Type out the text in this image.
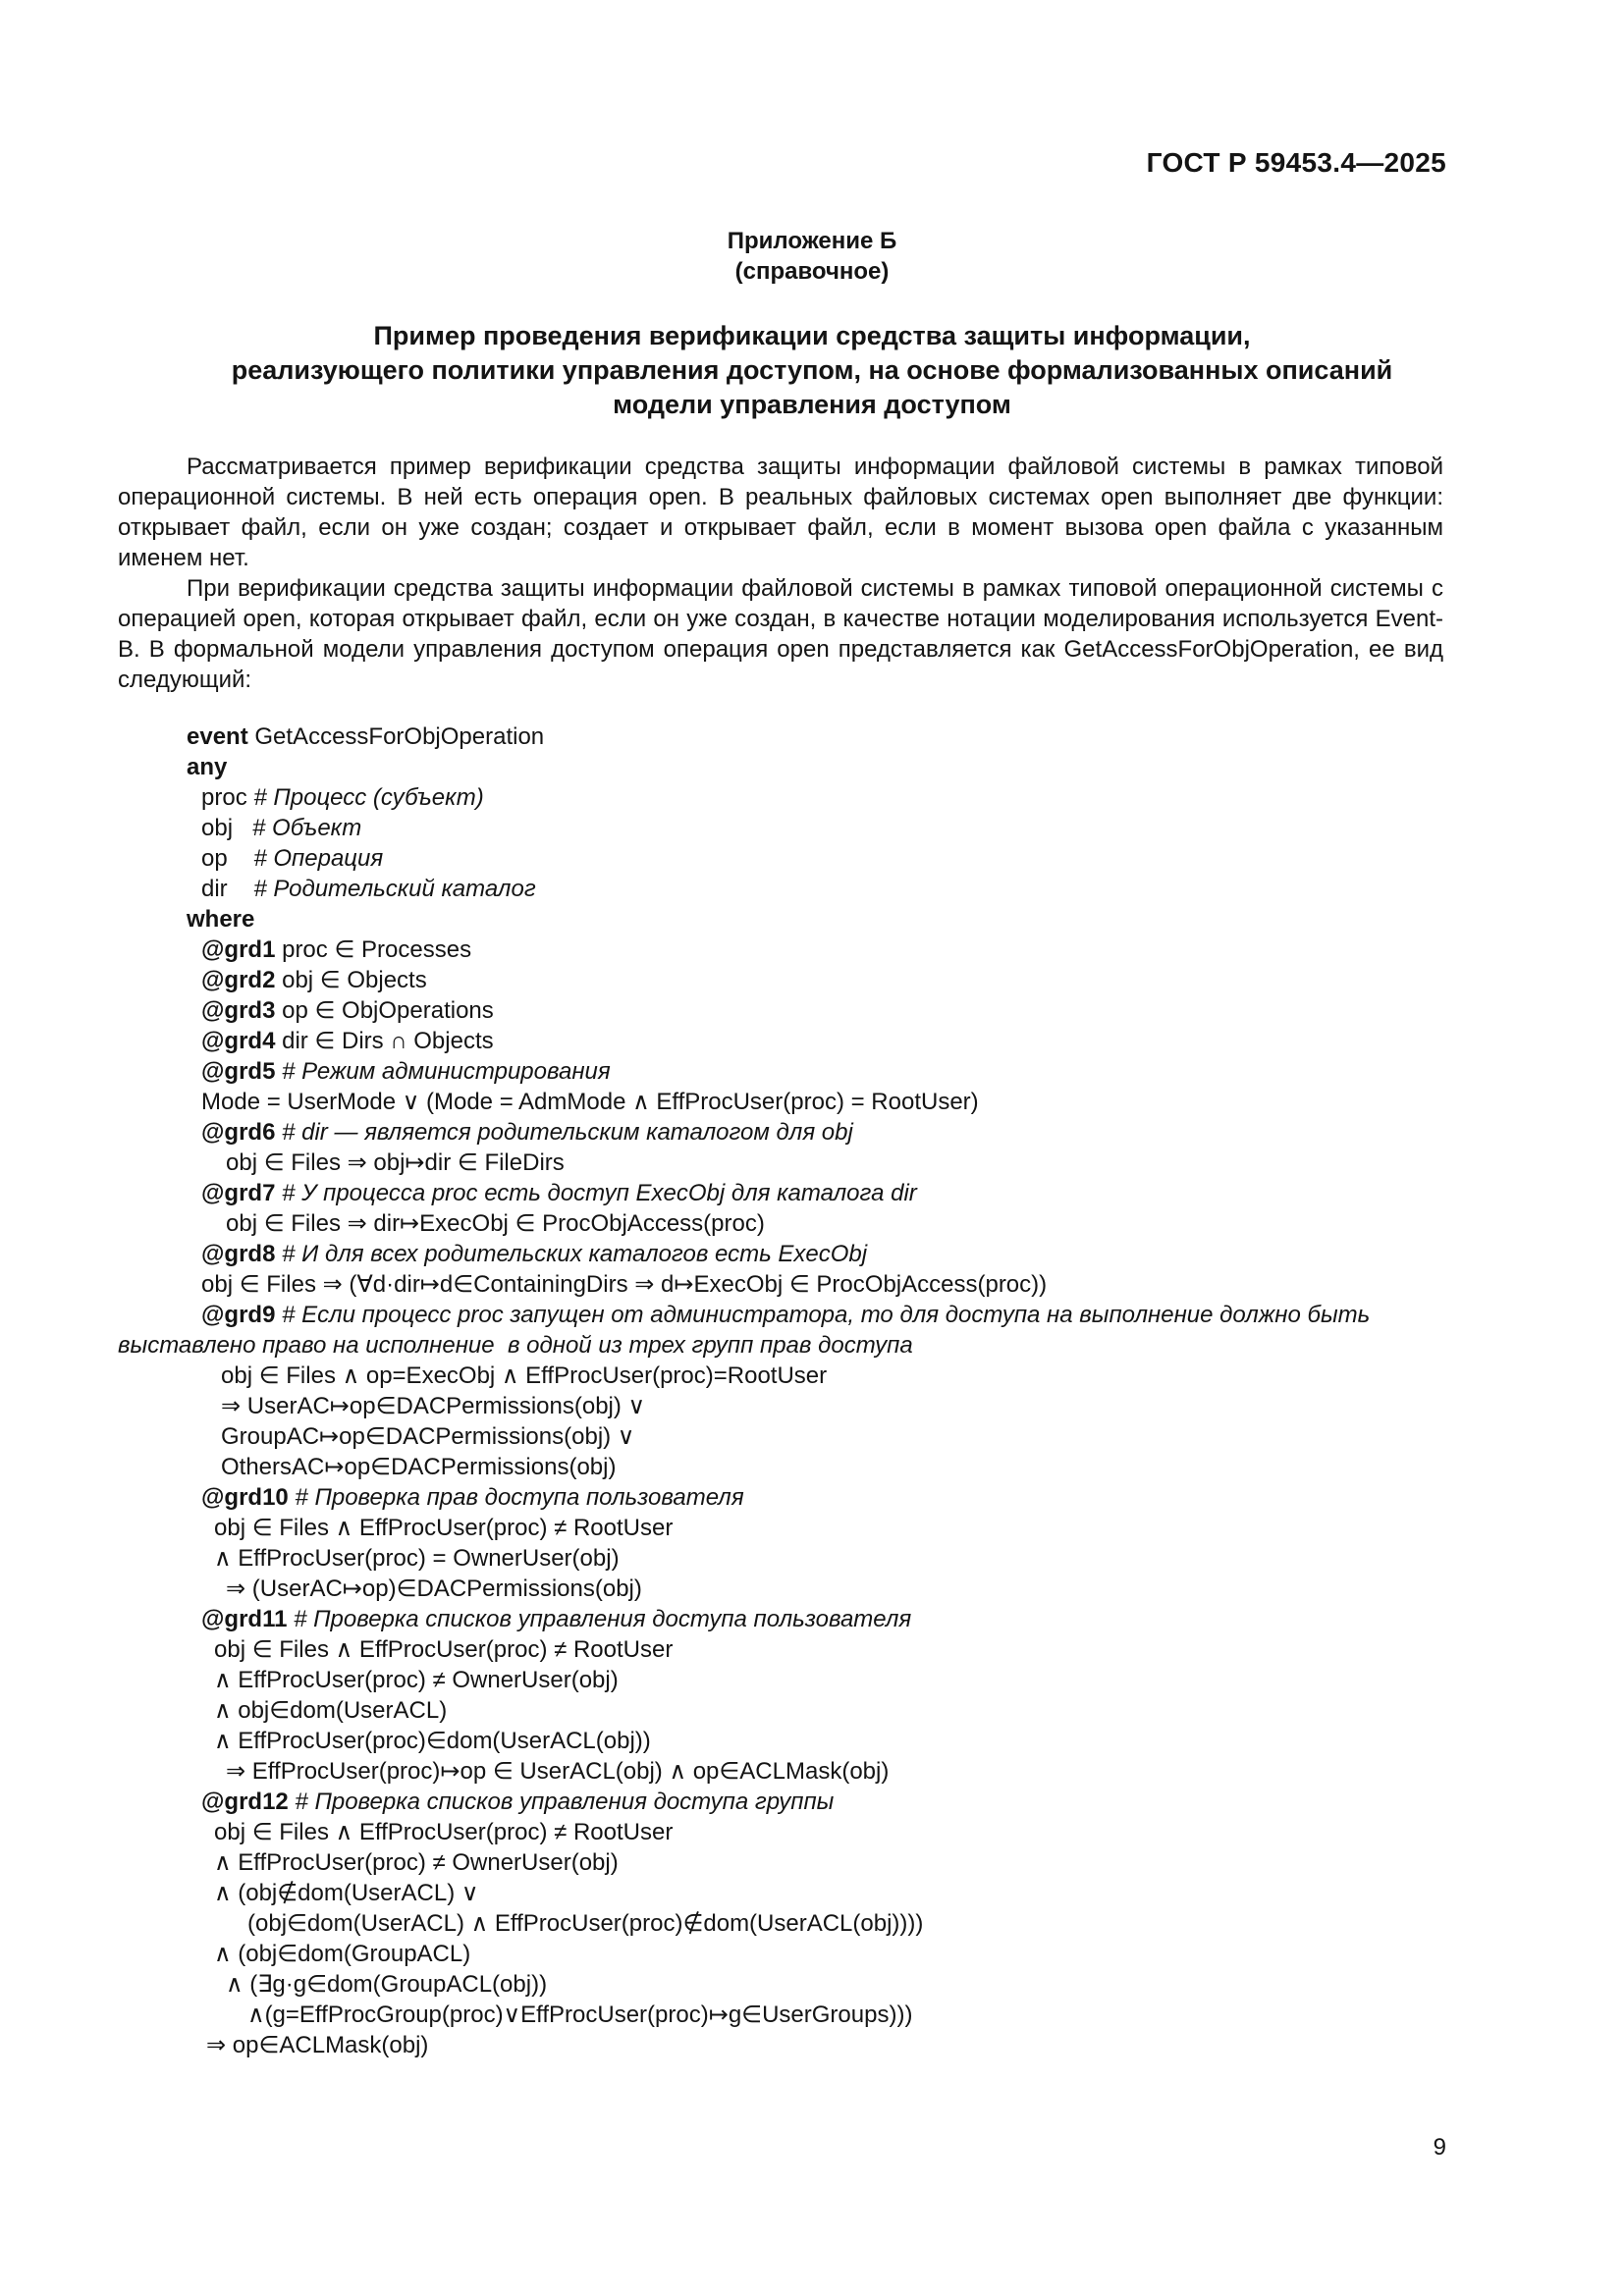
ГОСТ Р 59453.4—2025
Приложение Б
(справочное)
Пример проведения верификации средства защиты информации,
реализующего политики управления доступом, на основе формализованных описаний
модели управления доступом
Рассматривается пример верификации средства защиты информации файловой системы в рамках типовой операционной системы. В ней есть операция open. В реальных файловых системах open выполняет две функции: открывает файл, если он уже создан; создает и открывает файл, если в момент вызова open файла с указанным именем нет.
При верификации средства защиты информации файловой системы в рамках типовой операционной системы с операцией open, которая открывает файл, если он уже создан, в качестве нотации моделирования используется Event-B. В формальной модели управления доступом операция open представляется как GetAccessForObjOperation, ее вид следующий:
event GetAccessForObjOperation
any
proc # Процесс (субъект)
obj   # Объект
op    # Операция
dir    # Родительский каталог
where
@grd1 proc ∈ Processes
@grd2 obj ∈ Objects
@grd3 op ∈ ObjOperations
@grd4 dir ∈ Dirs ∩ Objects
@grd5 # Режим администрирования
Mode = UserMode ∨ (Mode = AdmMode ∧ EffProcUser(proc) = RootUser)
@grd6 # dir — является родительским каталогом для obj
obj ∈ Files ⇒ obj↦dir ∈ FileDirs
@grd7 # У процесса proc есть доступ ExecObj для каталога dir
obj ∈ Files ⇒ dir↦ExecObj ∈ ProcObjAccess(proc)
@grd8 # И для всех родительских каталогов есть ExecObj
obj ∈ Files ⇒ (∀d·dir↦d∈ContainingDirs ⇒ d↦ExecObj ∈ ProcObjAccess(proc))
@grd9 # Если процесс proc запущен от администратора, то для доступа на выполнение должно быть
выставлено право на исполнение  в одной из трех групп прав доступа
obj ∈ Files ∧ op=ExecObj ∧ EffProcUser(proc)=RootUser
⇒ UserAC↦op∈DACPermissions(obj) ∨
GroupAC↦op∈DACPermissions(obj) ∨
OthersAC↦op∈DACPermissions(obj)
@grd10 # Проверка прав доступа пользователя
obj ∈ Files ∧ EffProcUser(proc) ≠ RootUser
∧ EffProcUser(proc) = OwnerUser(obj)
⇒ (UserAC↦op)∈DACPermissions(obj)
@grd11 # Проверка списков управления доступа пользователя
obj ∈ Files ∧ EffProcUser(proc) ≠ RootUser
∧ EffProcUser(proc) ≠ OwnerUser(obj)
∧ obj∈dom(UserACL)
∧ EffProcUser(proc)∈dom(UserACL(obj))
⇒ EffProcUser(proc)↦op ∈ UserACL(obj) ∧ op∈ACLMask(obj)
@grd12 # Проверка списков управления доступа группы
obj ∈ Files ∧ EffProcUser(proc) ≠ RootUser
∧ EffProcUser(proc) ≠ OwnerUser(obj)
∧ (obj∉dom(UserACL) ∨
(obj∈dom(UserACL) ∧ EffProcUser(proc)∉dom(UserACL(obj))))
∧ (obj∈dom(GroupACL)
∧ (∃g·g∈dom(GroupACL(obj))
∧(g=EffProcGroup(proc)∨EffProcUser(proc)↦g∈UserGroups)))
⇒ op∈ACLMask(obj)
9
